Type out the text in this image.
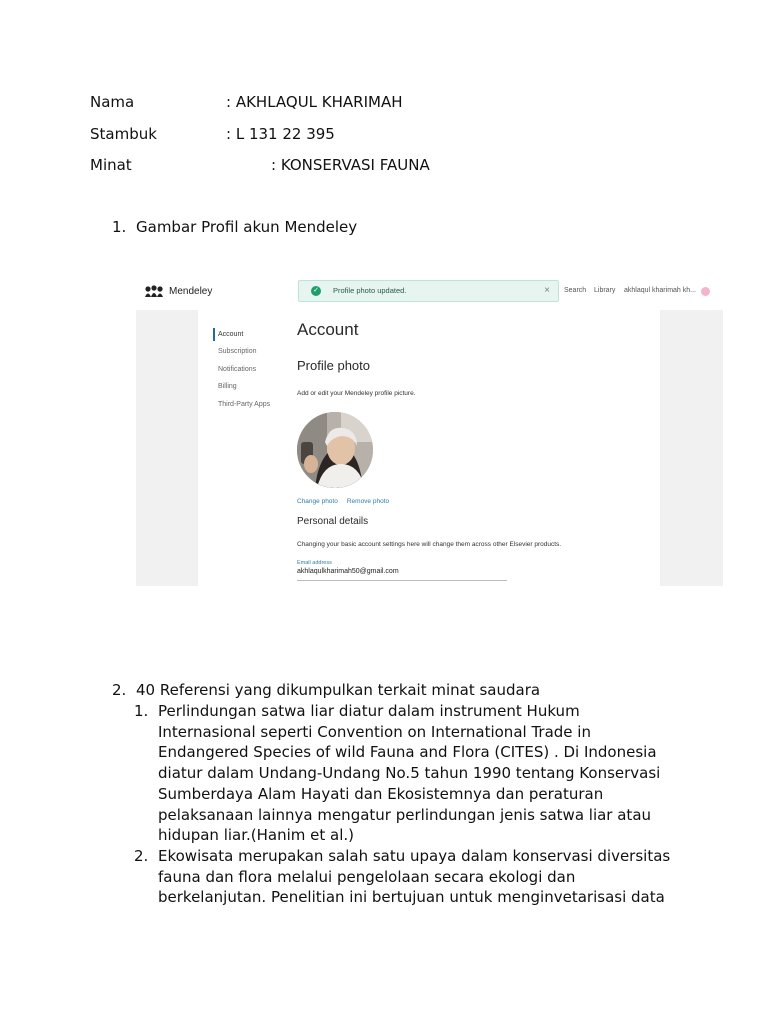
Nama	: AKHLAQUL KHARIMAH
Stambuk	: L 131 22 395
Minat	: KONSERVASI FAUNA
1. Gambar Profil akun Mendeley
Mendeley	✓ Profile photo updated.	× Search Library akhlaqul kharimah kh...
Account
Subscription
Notifications
Billing
Third-Party Apps
Account
Profile photo
Add or edit your Mendeley profile picture.
Change photo Remove photo
Personal details
Changing your basic account settings here will change them across other Elsevier products.
Email address
akhlaqulkharimah50@gmail.com
2. 40 Referensi yang dikumpulkan terkait minat saudara
1. Perlindungan satwa liar diatur dalam instrument Hukum
Internasional seperti Convention on International Trade in
Endangered Species of wild Fauna and Flora (CITES) . Di Indonesia
diatur dalam Undang-Undang No.5 tahun 1990 tentang Konservasi
Sumberdaya Alam Hayati dan Ekosistemnya dan peraturan
pelaksanaan lainnya mengatur perlindungan jenis satwa liar atau
hidupan liar.(Hanim et al.)
2. Ekowisata merupakan salah satu upaya dalam konservasi diversitas
fauna dan flora melalui pengelolaan secara ekologi dan
berkelanjutan. Penelitian ini bertujuan untuk menginvetarisasi data
